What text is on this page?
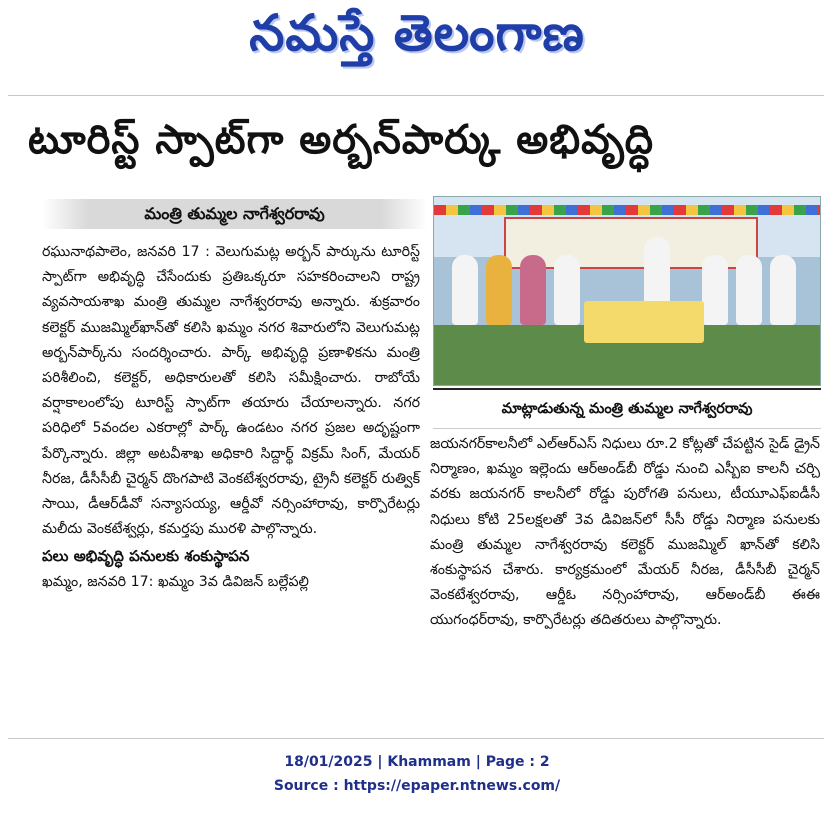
నమస్తే తెలంగాణ
టూరిస్ట్ స్పాట్‌గా అర్బన్‌పార్కు అభివృద్ధి
మంత్రి తుమ్మల నాగేశ్వరరావు

రఘునాథపాలెం, జనవరి 17 : వెలుగుమట్ల అర్బన్ పార్కును టూరిస్ట్ స్పాట్‌గా అభివృద్ధి చేసేందుకు ప్రతిఒక్కరూ సహకరించాలని రాష్ట్ర వ్యవసాయశాఖ మంత్రి తుమ్మల నాగేశ్వరరావు అన్నారు. శుక్రవారం కలెక్టర్ ముజమ్మిల్‌ఖాన్‌తో కలిసి ఖమ్మం నగర శివారులోని వెలుగుమట్ల అర్బన్‌పార్క్‌ను సందర్శించారు. పార్క్ అభివృద్ధి ప్రణాళికను మంత్రి పరిశీలించి, కలెక్టర్, అధికారులతో కలిసి సమీక్షించారు. రాబోయే వర్షాకాలంలోపు టూరిస్ట్ స్పాట్‌గా తయారు చేయాలన్నారు. నగర పరిధిలో 5వందల ఎకరాల్లో పార్క్ ఉండటం నగర ప్రజల అదృష్టంగా పేర్కొన్నారు. జిల్లా అటవీశాఖ అధికారి సిద్దార్థ్ విక్రమ్ సింగ్, మేయర్ నీరజ, డీసీసీబీ చైర్మన్ దొంగపాటి వెంకటేశ్వరరావు, ట్రైనీ కలెక్టర్ రుత్విక్ సాయి, డీఆర్‌డీవో సన్యాసయ్య, ఆర్డీవో నర్సింహారావు, కార్పొరేటర్లు మలీదు వెంకటేశ్వర్లు, కమర్తపు మురళి పాల్గొన్నారు.

పలు అభివృద్ధి పనులకు శంకుస్థాపన

ఖమ్మం, జనవరి 17: ఖమ్మం 3వ డివిజన్ బల్లేపల్లి

మాట్లాడుతున్న మంత్రి తుమ్మల నాగేశ్వరరావు

జయనగర్‌కాలనీలో ఎల్‌ఆర్‌ఎస్ నిధులు రూ.2 కోట్లతో చేపట్టిన సైడ్ డ్రైన్ నిర్మాణం, ఖమ్మం ఇల్లెందు ఆర్అండ్‌బీ రోడ్డు నుంచి ఎస్బీఐ కాలనీ చర్చి వరకు జయనగర్ కాలనీలో రోడ్డు పురోగతి పనులు, టీయూఎఫ్‌ఐడీసీ నిధులు కోటి 25లక్షలతో 3వ డివిజన్‌లో సీసీ రోడ్డు నిర్మాణ పనులకు మంత్రి తుమ్మల నాగేశ్వరరావు కలెక్టర్ ముజమ్మిల్ ఖాన్‌తో కలిసి శంకుస్థాపన చేశారు. కార్యక్రమంలో మేయర్ నీరజ, డీసీసీబీ చైర్మన్ వెంకటేశ్వరరావు, ఆర్డీఓ నర్సింహారావు, ఆర్అండ్‌బీ ఈఈ యుగంధర్‌రావు, కార్పొరేటర్లు తదితరులు పాల్గొన్నారు.

18/01/2025 | Khammam | Page : 2
Source : https://epaper.ntnews.com/
